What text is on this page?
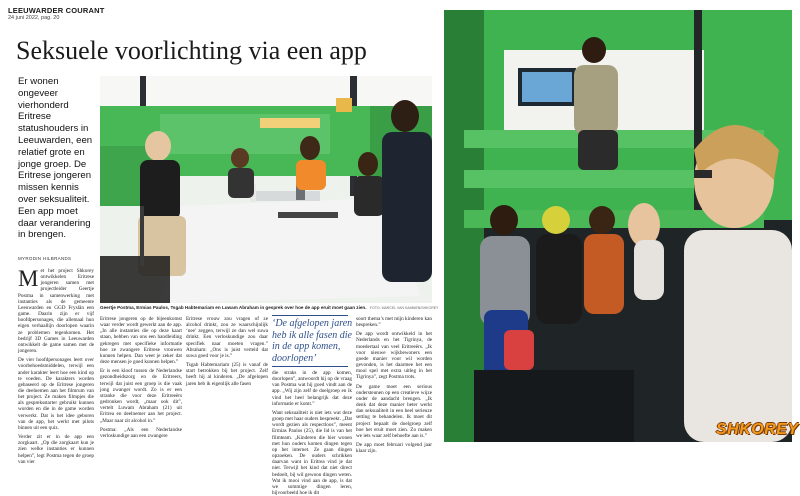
LEEUWARDER COURANT
24 juni 2022, pag. 20
Seksuele voorlichting via een app
Er wonen ongeveer vierhonderd Eritrese statushouders in Leeuwarden, een relatief grote en jonge groep. De Eritrese jongeren missen kennis over seksualiteit. Een app moet daar verandering in brengen.
MYRODIN HILBRANDS
Geertje Postma, Ermias Paulos, Tsgab Habtemariam en Luwam Abraham in gesprek over hoe de app eruit moet gaan zien. FOTO: MARCEL VAN KAMMEN/SHKOREY

Met het project Shkorey ontwikkelen Eritrese jongeren samen met projectleider Geertje Postma in samenwerking met instanties als de gemeente Leeuwarden en GGD Fryslân een game. Daarin zijn er vijf hoofdpersonages, die allemaal hun eigen verhaallijn doorlopen waarin ze problemen tegenkomen. Het bedrijf 3D Games in Leeuwarden ontwikkelt de game samen met de jongeren.

De vier hoofdpersonages leert over voorbehoedsmiddelen, terwijl een ander karakter leert hoe een kind op te voeden. De karakters worden gebaseerd op de Eritrese jongeren die deelnemen aan het filmrum van het project. Ze maken filmpjes die als gespreksstarter gebruikt kunnen worden en die in de game worden verwerkt. Dat is het idee geboren van de app, het werkt met pilots binnen uit een quiz.

Verder zit er in de app een zorgkaart. „Op die zorgkaart kun je zien welke instanties er kunnen helpen”, legt Postma tegen de groep van vier

Eritrese jongeren op de bijeenkomst waar verder wordt gewerkt aan de app. „In alle instanties die op deze kaart staan, hebben van ons een handleiding gekregen met specifieke informatie hoe ze zwangere Eritrese vrouwen kunnen helpen. Dan weet je zeker dat deze mensen je goed kunnen helpen.”

Er is een kloof tussen de Nederlandse gezondheidszorg en de Eritreers, terwijl dat juist een groep is die vaak jong zwanger wordt. Zo is er een stranke die voor deze Eritreeërs gedronken wordt, „maar ook dit”, vertelt Luwam Abraham (21) uit Eritrea en deelnemer aan het project. „Maar naar zit alcohol in.”

Postma: „Als een Nederlandse verloskundige aan een zwangere

Eritrese vrouw zou vragen of ze alcohol drinkt, zou ze waarschijnlijk ‘nee’ zeggen, terwijl ze dan wel suwa drinkt. Een verloskundige zou daar specifiek naar moeten vragen.” Abraham: „Ons is juist verteld dat suwa goed voor je is.”

Tsgab Habtemariam (25) is vanaf de start betrokken bij het project. Zelf heeft hij al kinderen. „De afgelopen jaren heb ik eigenlijk alle fasen

‘De afgelopen jaren heb ik alle fasen die in de app komen, doorlopen’

die straks in de app komen, doorlopen”, antwoordt hij op de vraag van Postma wat hij goed vindt aan de app. „Wij zijn zelf de doelgroep en ik vind het heel belangrijk dat deze informatie er komt.”

Want seksualiteit is niet iets wat deze groep met haar ouders bespreekt. „Dat wordt gezien als respectloos”, meent Ermias Paulos (25), die lid is van het filmteam. „Kinderen die hier wonen met hun ouders komen dingen tegen op het internet. Ze gaan dingen opzoeken. De ouders schrikken daarvan want in Eritrea vind je dat niet. Terwijl het kind dat niet direct bedoelt, bij wil gewoon dingen weten. Wat ik mooi vind aan de app, is dat we sommige dingen leren, bijvoorbeeld hoe ik dit

soort thema’s met mijn kinderen kan bespreken.”

De app wordt ontwikkeld in het Nederlands en het Tigrinya, de moedertaal van veel Eritreeërs. „Ik voor nieuwe wijkbewoners een goede manier voor wil worden gevonden, is het daarmee het een mooi spel met extra uitleg in het Tigrinya”, zegt Postma trots.

De game moet een serious ondersteunen op een creatieve wijze onder de aandacht brengen. „Ik denk dat deze manier beter werkt dan seksualiteit in een heel serieuze setting te behandelen. Ik moet dit project bepaalt de doelgroep zelf hoe het eruit moet zien. Zo maken we iets waar zelf behoefte aan is.”

De app moet februari volgend jaar klaar zijn.

SHKOREY
